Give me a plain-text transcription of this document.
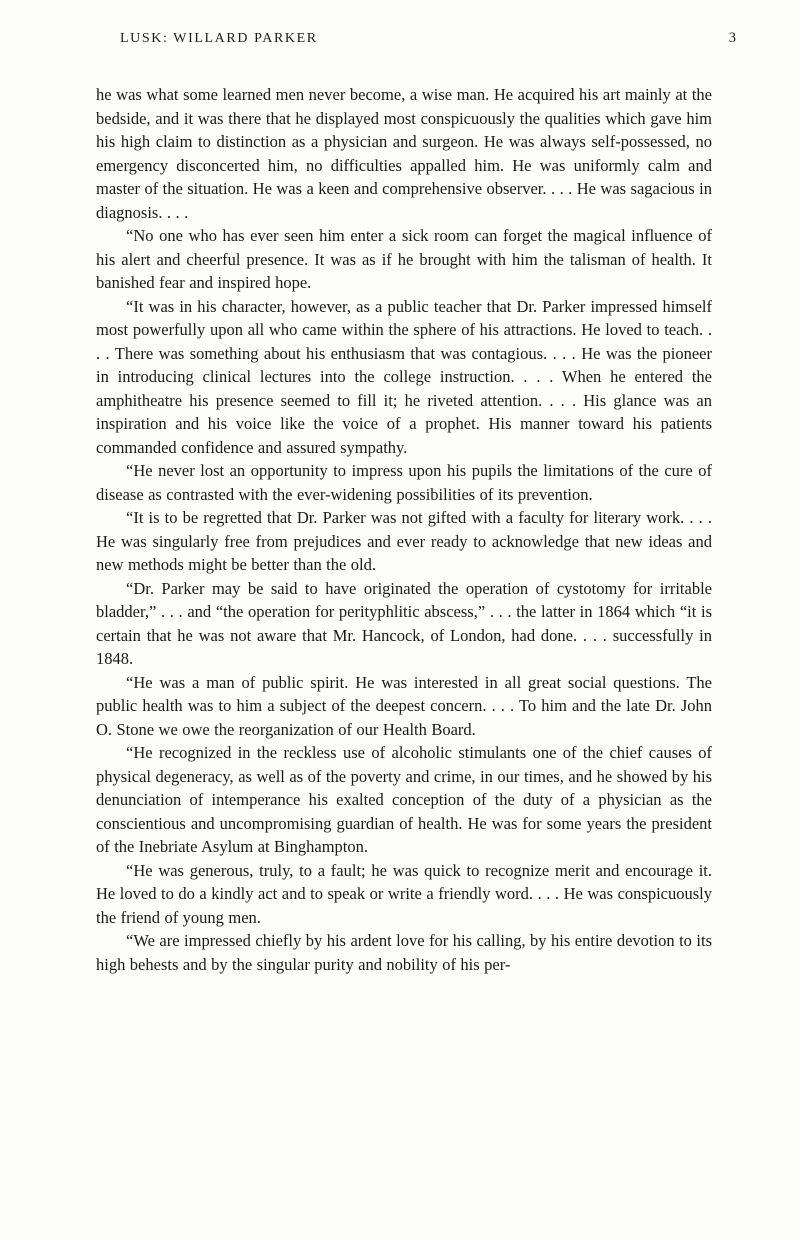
LUSK: WILLARD PARKER	3

he was what some learned men never become, a wise man. He acquired his art mainly at the bedside, and it was there that he displayed most conspicuously the qualities which gave him his high claim to distinction as a physician and surgeon. He was always self-possessed, no emergency disconcerted him, no difficulties appalled him. He was uniformly calm and master of the situation. He was a keen and comprehensive observer. . . . He was sagacious in diagnosis. . . .

“No one who has ever seen him enter a sick room can forget the magical influence of his alert and cheerful presence. It was as if he brought with him the talisman of health. It banished fear and inspired hope.

“It was in his character, however, as a public teacher that Dr. Parker impressed himself most powerfully upon all who came within the sphere of his attractions. He loved to teach. . . . There was something about his enthusiasm that was contagious. . . . He was the pioneer in introducing clinical lectures into the college instruction. . . . When he entered the amphitheatre his presence seemed to fill it; he riveted attention. . . . His glance was an inspiration and his voice like the voice of a prophet. His manner toward his patients commanded confidence and assured sympathy.

“He never lost an opportunity to impress upon his pupils the limitations of the cure of disease as contrasted with the ever-widening possibilities of its prevention.

“It is to be regretted that Dr. Parker was not gifted with a faculty for literary work. . . . He was singularly free from prejudices and ever ready to acknowledge that new ideas and new methods might be better than the old.

“Dr. Parker may be said to have originated the operation of cystotomy for irritable bladder,” . . . and “the operation for perityphlitic abscess,” . . . the latter in 1864 which “it is certain that he was not aware that Mr. Hancock, of London, had done. . . . successfully in 1848.

“He was a man of public spirit. He was interested in all great social questions. The public health was to him a subject of the deepest concern. . . . To him and the late Dr. John O. Stone we owe the reorganization of our Health Board.

“He recognized in the reckless use of alcoholic stimulants one of the chief causes of physical degeneracy, as well as of the poverty and crime, in our times, and he showed by his denunciation of intemperance his exalted conception of the duty of a physician as the conscientious and uncompromising guardian of health. He was for some years the president of the Inebriate Asylum at Binghampton.

“He was generous, truly, to a fault; he was quick to recognize merit and encourage it. He loved to do a kindly act and to speak or write a friendly word. . . . He was conspicuously the friend of young men.

“We are impressed chiefly by his ardent love for his calling, by his entire devotion to its high behests and by the singular purity and nobility of his per-
